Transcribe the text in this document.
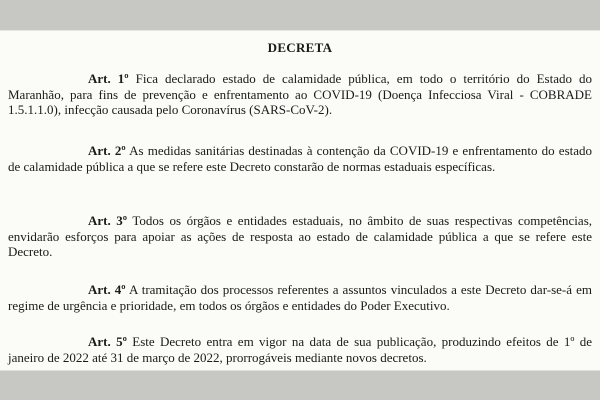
DECRETA

Art. 1º Fica declarado estado de calamidade pública, em todo o território do Estado do Maranhão, para fins de prevenção e enfrentamento ao COVID-19 (Doença Infecciosa Viral - COBRADE 1.5.1.1.0), infecção causada pelo Coronavírus (SARS-CoV-2).

Art. 2º As medidas sanitárias destinadas à contenção da COVID-19 e enfrentamento do estado de calamidade pública a que se refere este Decreto constarão de normas estaduais específicas.

Art. 3º Todos os órgãos e entidades estaduais, no âmbito de suas respectivas competências, envidarão esforços para apoiar as ações de resposta ao estado de calamidade pública a que se refere este Decreto.

Art. 4º A tramitação dos processos referentes a assuntos vinculados a este Decreto dar-se-á em regime de urgência e prioridade, em todos os órgãos e entidades do Poder Executivo.

Art. 5º Este Decreto entra em vigor na data de sua publicação, produzindo efeitos de 1º de janeiro de 2022 até 31 de março de 2022, prorrogáveis mediante novos decretos.
